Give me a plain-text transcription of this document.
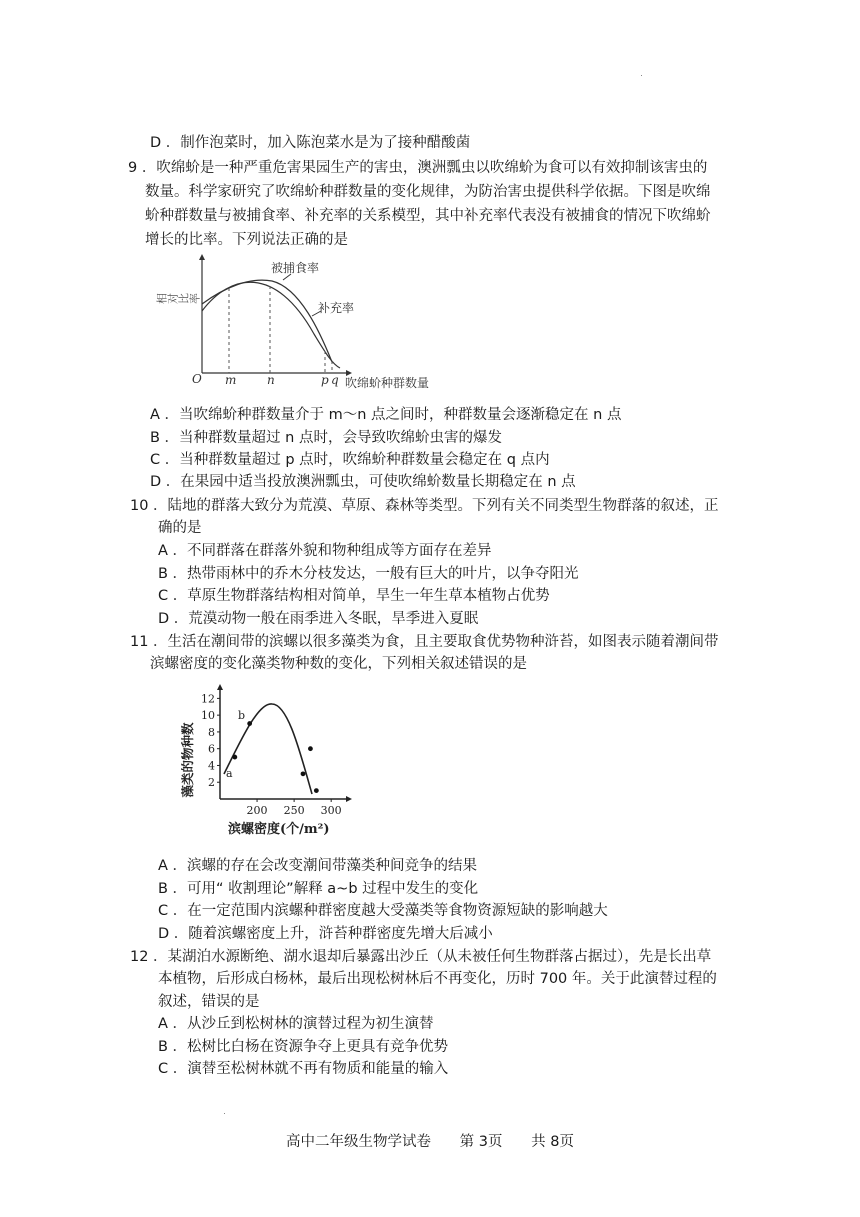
D ．制作泡菜时，加入陈泡菜水是为了接种醋酸菌
9 ．吹绵蚧是一种严重危害果园生产的害虫，澳洲瓢虫以吹绵蚧为食可以有效抑制该害虫的
数量。科学家研究了吹绵蚧种群数量的变化规律，为防治害虫提供科学依据。下图是吹绵
蚧种群数量与被捕食率、补充率的关系模型，其中补充率代表没有被捕食的情况下吹绵蚧
增长的比率。下列说法正确的是
相对比率
被捕食率
补充率
O m	n	p q 吹绵蚧种群数量
A ．当吹绵蚧种群数量介于 m～n 点之间时，种群数量会逐渐稳定在 n 点
B ．当种群数量超过 n 点时，会导致吹绵蚧虫害的爆发
C ．当种群数量超过 p 点时，吹绵蚧种群数量会稳定在 q 点内
D ．在果园中适当投放澳洲瓢虫，可使吹绵蚧数量长期稳定在 n 点
10 ．陆地的群落大致分为荒漠、草原、森林等类型。下列有关不同类型生物群落的叙述，正
确的是
A ．不同群落在群落外貌和物种组成等方面存在差异
B ．热带雨林中的乔木分枝发达，一般有巨大的叶片，以争夺阳光
C ．草原生物群落结构相对简单，旱生一年生草本植物占优势
D ．荒漠动物一般在雨季进入冬眠，旱季进入夏眠
11 ．生活在潮间带的滨螺以很多藻类为食，且主要取食优势物种浒苔，如图表示随着潮间带
滨螺密度的变化藻类物种数的变化，下列相关叙述错误的是
藻类的物种数 2
4
6
8
10
12
200 250 300
a
b
滨螺密度(个/m²)
A ．滨螺的存在会改变潮间带藻类种间竞争的结果
B ．可用“ 收割理论”解释 a~b 过程中发生的变化
C ．在一定范围内滨螺种群密度越大受藻类等食物资源短缺的影响越大
D ．随着滨螺密度上升，浒苔种群密度先增大后减小
12 ．某湖泊水源断绝、湖水退却后暴露出沙丘（从未被任何生物群落占据过），先是长出草
本植物，后形成白杨林，最后出现松树林后不再变化，历时 700 年。关于此演替过程的
叙述，错误的是
A ．从沙丘到松树林的演替过程为初生演替
B ．松树比白杨在资源争夺上更具有竞争优势
C ．演替至松树林就不再有物质和能量的输入
高中二年级生物学试卷 第 3页 共 8页
